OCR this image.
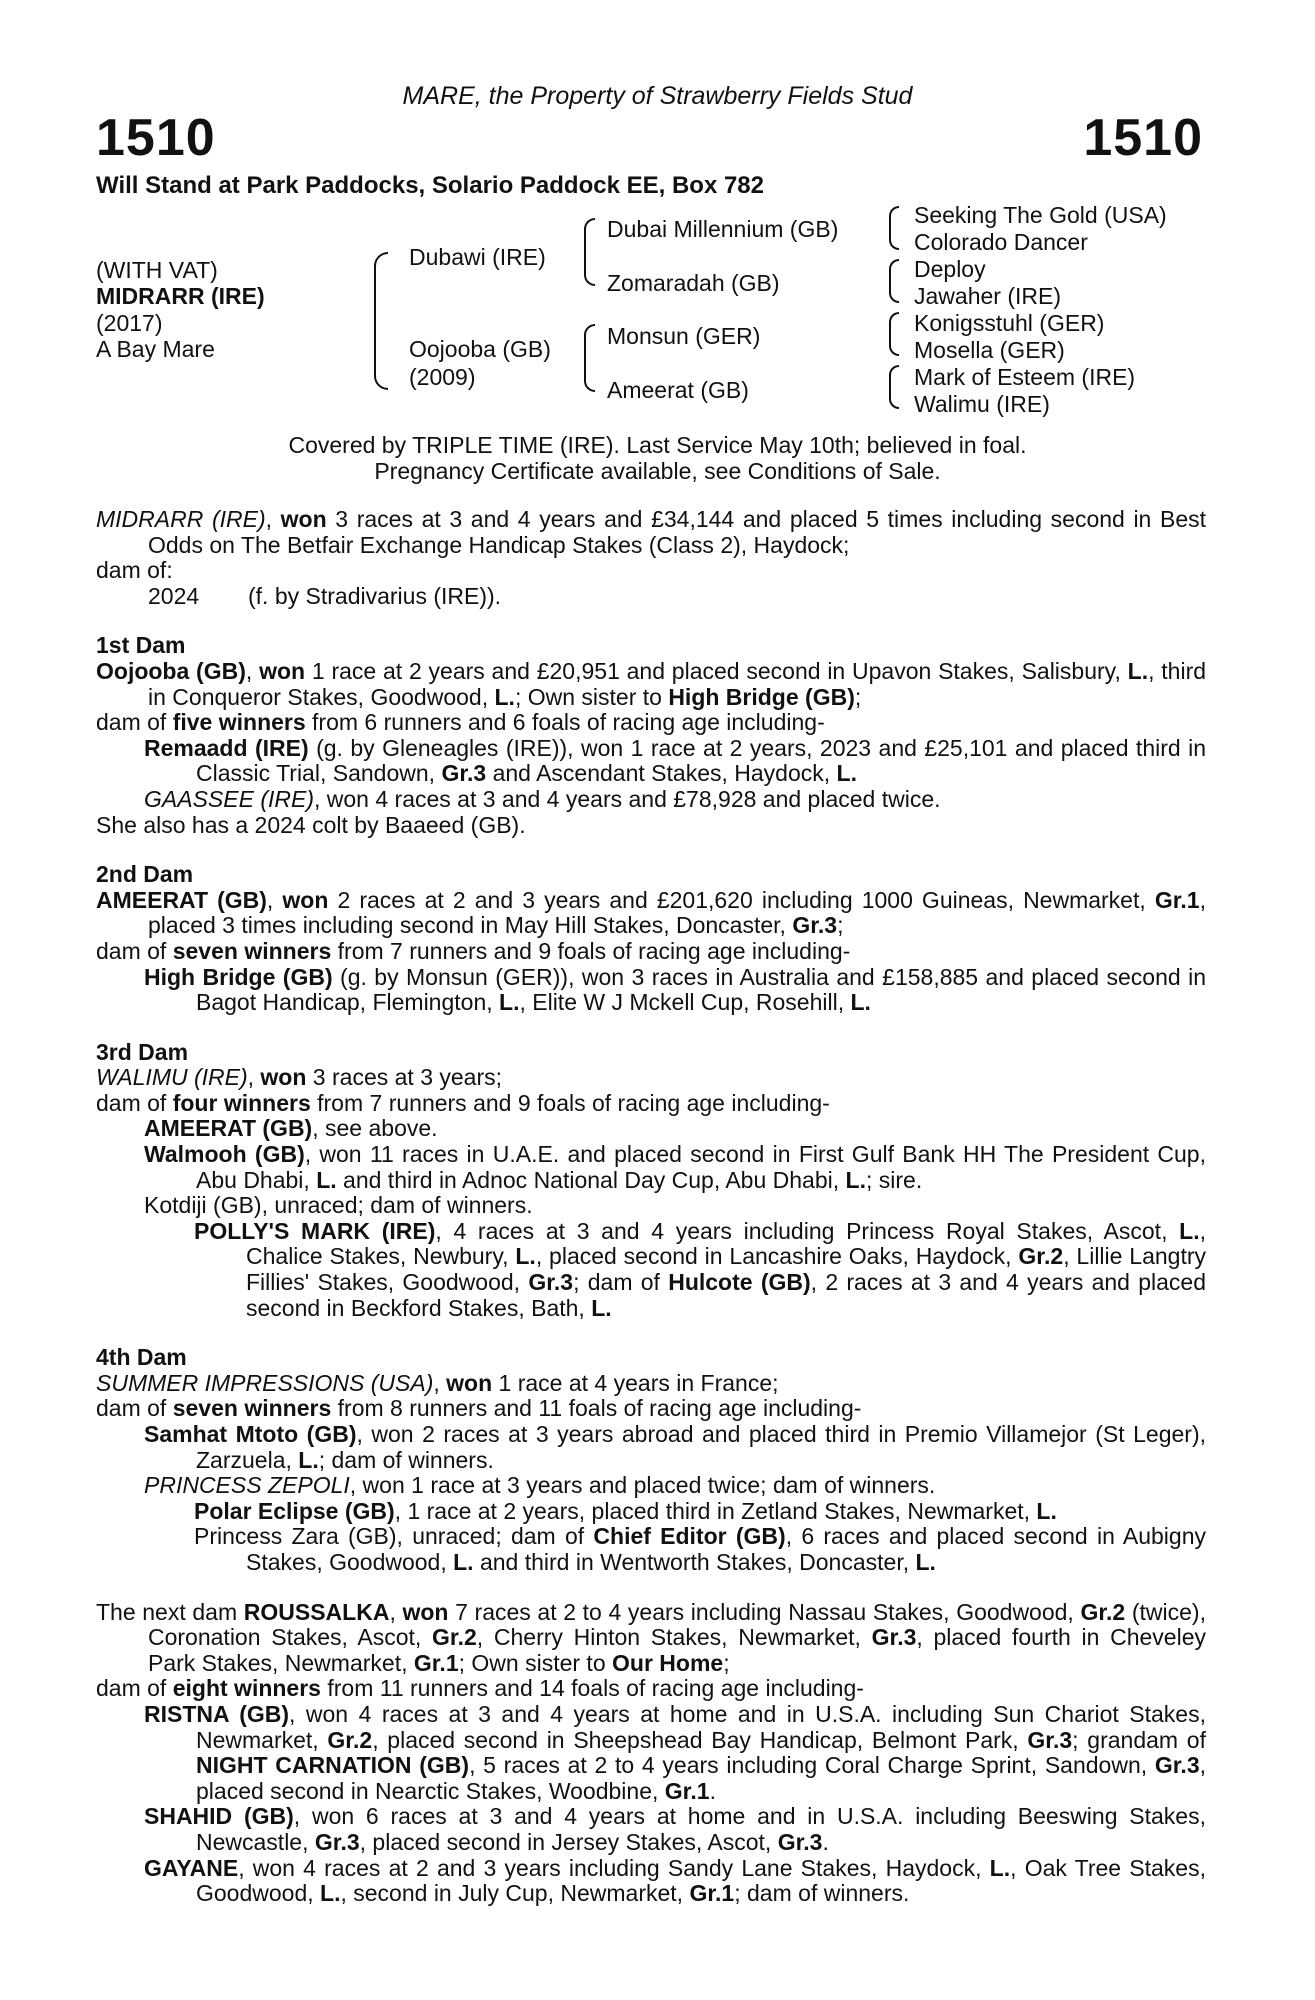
MARE, the Property of Strawberry Fields Stud
1510	1510
Will Stand at Park Paddocks, Solario Paddock EE, Box 782
(WITH VAT)
MIDRARR (IRE)
(2017)
A Bay Mare
Dubawi (IRE)
Oojooba (GB)
(2009)
Dubai Millennium (GB)
Zomaradah (GB)
Monsun (GER)
Ameerat (GB)
Seeking The Gold (USA)
Colorado Dancer
Deploy
Jawaher (IRE)
Konigsstuhl (GER)
Mosella (GER)
Mark of Esteem (IRE)
Walimu (IRE)
Covered by TRIPLE TIME (IRE). Last Service May 10th; believed in foal.
Pregnancy Certificate available, see Conditions of Sale.

MIDRARR (IRE), won 3 races at 3 and 4 years and £34,144 and placed 5 times including second in Best Odds on The Betfair Exchange Handicap Stakes (Class 2), Haydock;

dam of:

2024 (f. by Stradivarius (IRE)).

1st Dam

Oojooba (GB), won 1 race at 2 years and £20,951 and placed second in Upavon Stakes, Salisbury, L., third in Conqueror Stakes, Goodwood, L.; Own sister to High Bridge (GB);

dam of five winners from 6 runners and 6 foals of racing age including-

Remaadd (IRE) (g. by Gleneagles (IRE)), won 1 race at 2 years, 2023 and £25,101 and placed third in Classic Trial, Sandown, Gr.3 and Ascendant Stakes, Haydock, L.

GAASSEE (IRE), won 4 races at 3 and 4 years and £78,928 and placed twice.

She also has a 2024 colt by Baaeed (GB).

2nd Dam

AMEERAT (GB), won 2 races at 2 and 3 years and £201,620 including 1000 Guineas, Newmarket, Gr.1, placed 3 times including second in May Hill Stakes, Doncaster, Gr.3;

dam of seven winners from 7 runners and 9 foals of racing age including-

High Bridge (GB) (g. by Monsun (GER)), won 3 races in Australia and £158,885 and placed second in Bagot Handicap, Flemington, L., Elite W J Mckell Cup, Rosehill, L.

3rd Dam

WALIMU (IRE), won 3 races at 3 years;

dam of four winners from 7 runners and 9 foals of racing age including-

AMEERAT (GB), see above.

Walmooh (GB), won 11 races in U.A.E. and placed second in First Gulf Bank HH The President Cup, Abu Dhabi, L. and third in Adnoc National Day Cup, Abu Dhabi, L.; sire.

Kotdiji (GB), unraced; dam of winners.

POLLY'S MARK (IRE), 4 races at 3 and 4 years including Princess Royal Stakes, Ascot, L., Chalice Stakes, Newbury, L., placed second in Lancashire Oaks, Haydock, Gr.2, Lillie Langtry Fillies' Stakes, Goodwood, Gr.3; dam of Hulcote (GB), 2 races at 3 and 4 years and placed second in Beckford Stakes, Bath, L.

4th Dam

SUMMER IMPRESSIONS (USA), won 1 race at 4 years in France;

dam of seven winners from 8 runners and 11 foals of racing age including-

Samhat Mtoto (GB), won 2 races at 3 years abroad and placed third in Premio Villamejor (St Leger), Zarzuela, L.; dam of winners.

PRINCESS ZEPOLI, won 1 race at 3 years and placed twice; dam of winners.

Polar Eclipse (GB), 1 race at 2 years, placed third in Zetland Stakes, Newmarket, L.

Princess Zara (GB), unraced; dam of Chief Editor (GB), 6 races and placed second in Aubigny Stakes, Goodwood, L. and third in Wentworth Stakes, Doncaster, L.

The next dam ROUSSALKA, won 7 races at 2 to 4 years including Nassau Stakes, Goodwood, Gr.2 (twice), Coronation Stakes, Ascot, Gr.2, Cherry Hinton Stakes, Newmarket, Gr.3, placed fourth in Cheveley Park Stakes, Newmarket, Gr.1; Own sister to Our Home;

dam of eight winners from 11 runners and 14 foals of racing age including-

RISTNA (GB), won 4 races at 3 and 4 years at home and in U.S.A. including Sun Chariot Stakes, Newmarket, Gr.2, placed second in Sheepshead Bay Handicap, Belmont Park, Gr.3; grandam of NIGHT CARNATION (GB), 5 races at 2 to 4 years including Coral Charge Sprint, Sandown, Gr.3, placed second in Nearctic Stakes, Woodbine, Gr.1.

SHAHID (GB), won 6 races at 3 and 4 years at home and in U.S.A. including Beeswing Stakes, Newcastle, Gr.3, placed second in Jersey Stakes, Ascot, Gr.3.

GAYANE, won 4 races at 2 and 3 years including Sandy Lane Stakes, Haydock, L., Oak Tree Stakes, Goodwood, L., second in July Cup, Newmarket, Gr.1; dam of winners.
